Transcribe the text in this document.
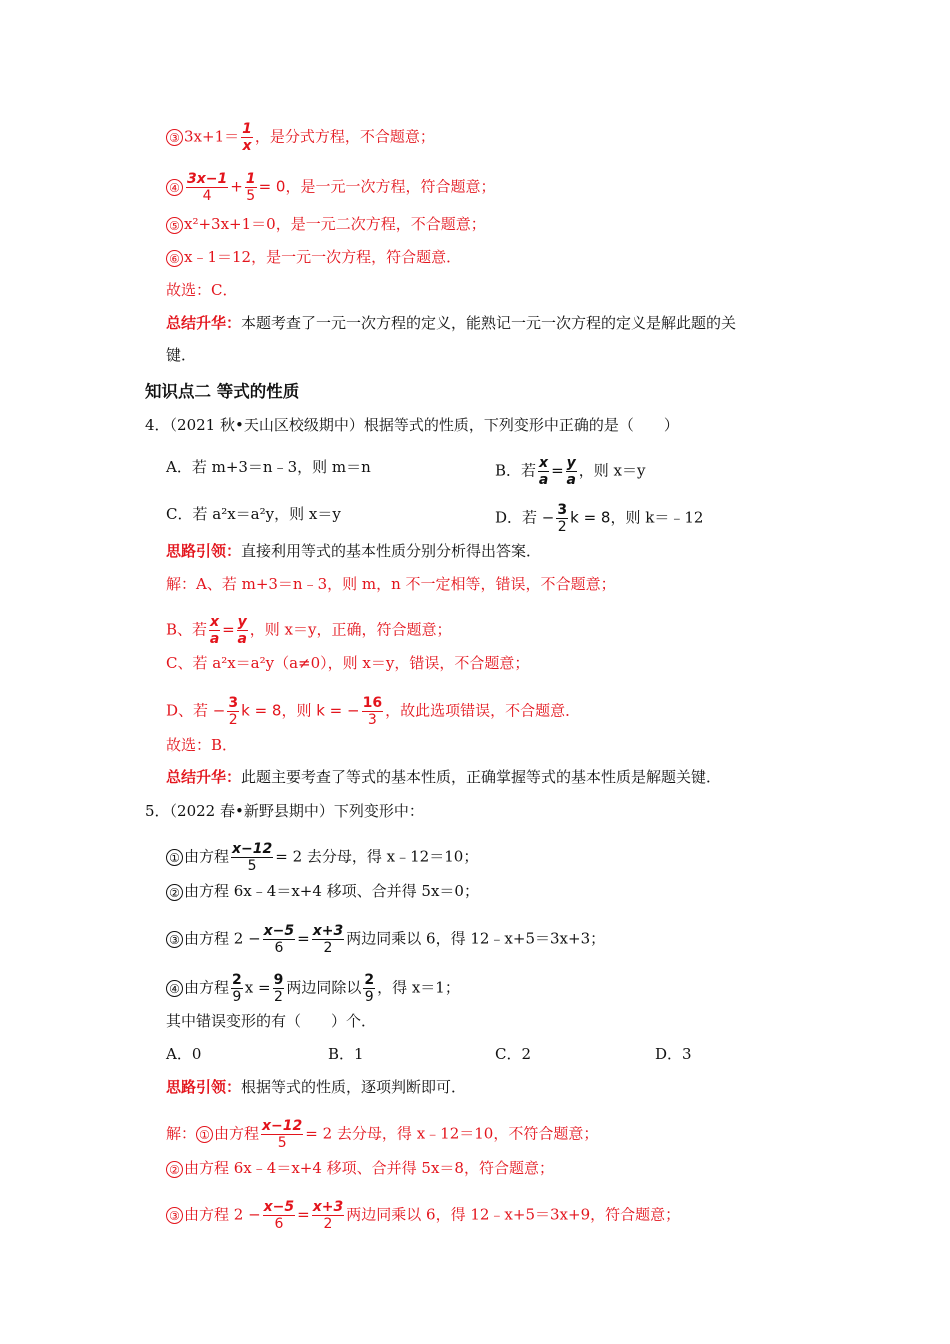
③ $3x+1= \frac{1}{x}$ ，是分式方程，不合题意；
④ $\frac{3x-1}{4} + \frac{1}{5} = 0$，是一元一次方程，符合题意；
⑤ x²+3x+1＝0，是一元二次方程，不合题意；
⑥ x﹣1＝12，是一元一次方程，符合题意．
故选：C．
总结升华：本题考查了一元一次方程的定义，能熟记一元一次方程的定义是解此题的关
键．
知识点二 等式的性质
4．（2021 秋•天山区校级期中）根据等式的性质，下列变形中正确的是（　　）
A．若 m+3＝n﹣3，则 m＝n	B．若 $\frac{x}{a} = \frac{y}{a}$ ，则 x＝y
C．若 a²x＝a²y，则 x＝y	D．若 − $\frac{3}{2}$ k = 8，则 k＝﹣12
思路引领：直接利用等式的基本性质分别分析得出答案．
解：A、若 m+3＝n﹣3，则 m，n 不一定相等，错误，不合题意；
B、若 $\frac{x}{a} = \frac{y}{a}$ ，则 x＝y，正确，符合题意；
C、若 a²x＝a²y（a≠0），则 x＝y，错误，不合题意；
D、若 − $\frac{3}{2}$ k = 8，则 k = − $\frac{16}{3}$ ，故此选项错误，不合题意．
故选：B．
总结升华：此题主要考查了等式的基本性质，正确掌握等式的基本性质是解题关键．
5．（2022 春•新野县期中）下列变形中：
① 由方程 $\frac{x-12}{5} = 2$ 去分母，得 x﹣12＝10；
② 由方程 6x﹣4＝x+4 移项、合并得 5x＝0；
③ 由方程 $2 - \frac{x-5}{6} = \frac{x+3}{2}$ 两边同乘以 6，得 12﹣x+5＝3x+3；
④ 由方程 $\frac{2}{9}$ $x = \frac{9}{2}$ 两边同除以 $\frac{2}{9}$ ，得 x＝1；
其中错误变形的有（　　）个．
A．0	B．1	C．2	D．3
思路引领：根据等式的性质，逐项判断即可．
解： ① 由方程 $\frac{x-12}{5} = 2$ 去分母，得 x﹣12＝10，不符合题意；
② 由方程 6x﹣4＝x+4 移项、合并得 5x＝8，符合题意；
③ 由方程 $2 - \frac{x-5}{6} = \frac{x+3}{2}$ 两边同乘以 6，得 12﹣x+5＝3x+9，符合题意；
